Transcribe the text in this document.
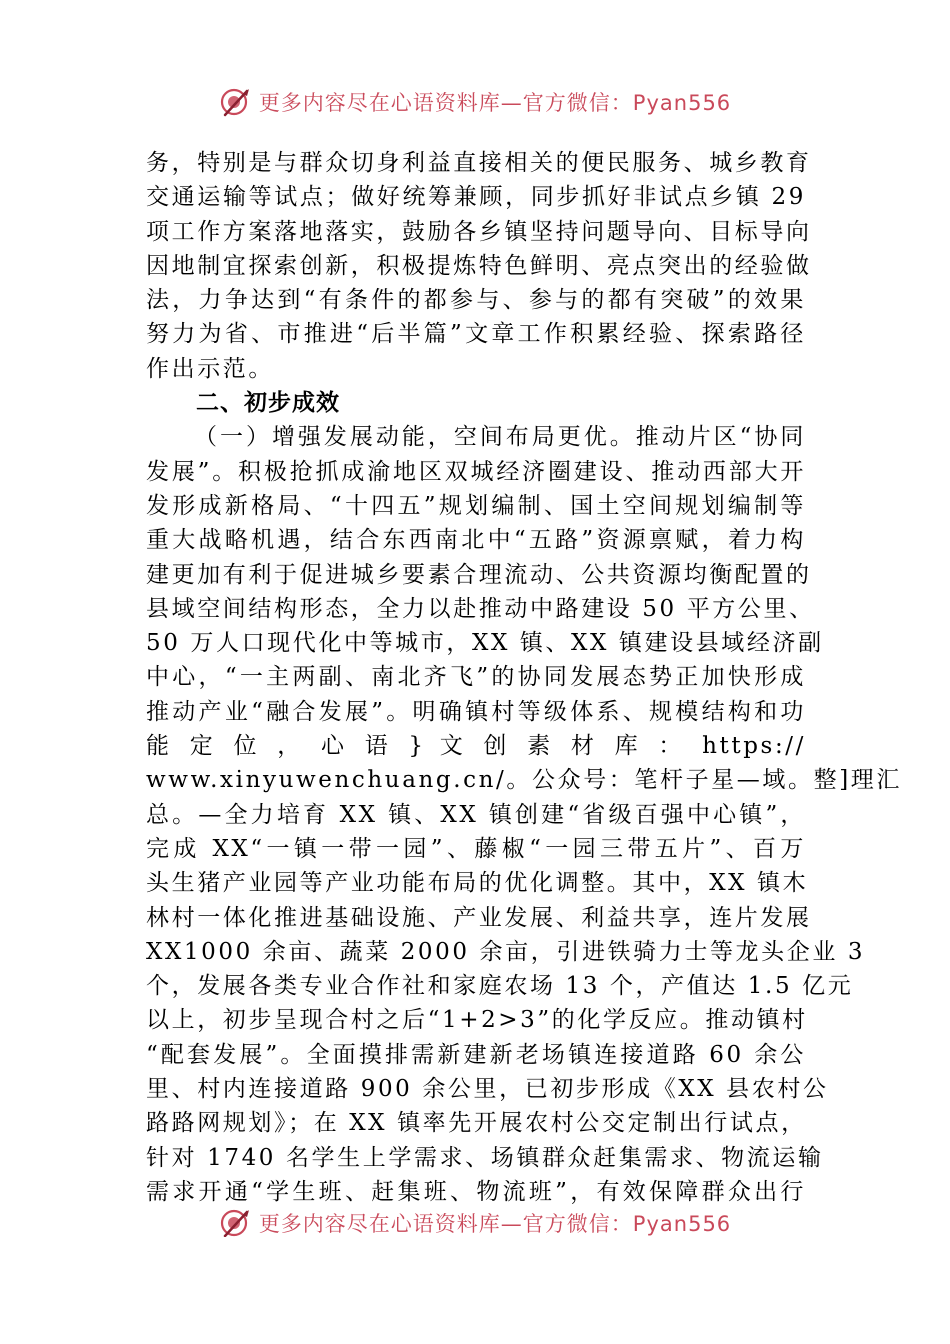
更多内容尽在心语资料库—官方微信：Pyan556
务，特别是与群众切身利益直接相关的便民服务、城乡教育
交通运输等试点；做好统筹兼顾，同步抓好非试点乡镇 29
项工作方案落地落实，鼓励各乡镇坚持问题导向、目标导向
因地制宜探索创新，积极提炼特色鲜明、亮点突出的经验做
法，力争达到“有条件的都参与、参与的都有突破”的效果
努力为省、市推进“后半篇”文章工作积累经验、探索路径
作出示范。
二、初步成效
（一）增强发展动能，空间布局更优。推动片区“协同
发展”。积极抢抓成渝地区双城经济圈建设、推动西部大开
发形成新格局、“十四五”规划编制、国土空间规划编制等
重大战略机遇，结合东西南北中“五路”资源禀赋，着力构
建更加有利于促进城乡要素合理流动、公共资源均衡配置的
县域空间结构形态，全力以赴推动中路建设 50 平方公里、
50 万人口现代化中等城市，XX 镇、XX 镇建设县域经济副
中心，“一主两副、南北齐飞”的协同发展态势正加快形成
推动产业“融合发展”。明确镇村等级体系、规模结构和功
能 定 位 ， 心 语 } 文 创 素 材 库 ： https://
www.xinyuwenchuang.cn/。公众号：笔杆子星—域。整]理汇
总。—全力培育 XX 镇、XX 镇创建“省级百强中心镇”，
完成 XX“一镇一带一园”、藤椒“一园三带五片”、百万
头生猪产业园等产业功能布局的优化调整。其中，XX 镇木
林村一体化推进基础设施、产业发展、利益共享，连片发展
XX1000 余亩、蔬菜 2000 余亩，引进铁骑力士等龙头企业 3
个，发展各类专业合作社和家庭农场 13 个，产值达 1.5 亿元
以上，初步呈现合村之后“1+2>3”的化学反应。推动镇村
“配套发展”。全面摸排需新建新老场镇连接道路 60 余公
里、村内连接道路 900 余公里，已初步形成《XX 县农村公
路路网规划》；在 XX 镇率先开展农村公交定制出行试点，
针对 1740 名学生上学需求、场镇群众赶集需求、物流运输
需求开通“学生班、赶集班、物流班”，有效保障群众出行
更多内容尽在心语资料库—官方微信：Pyan556
